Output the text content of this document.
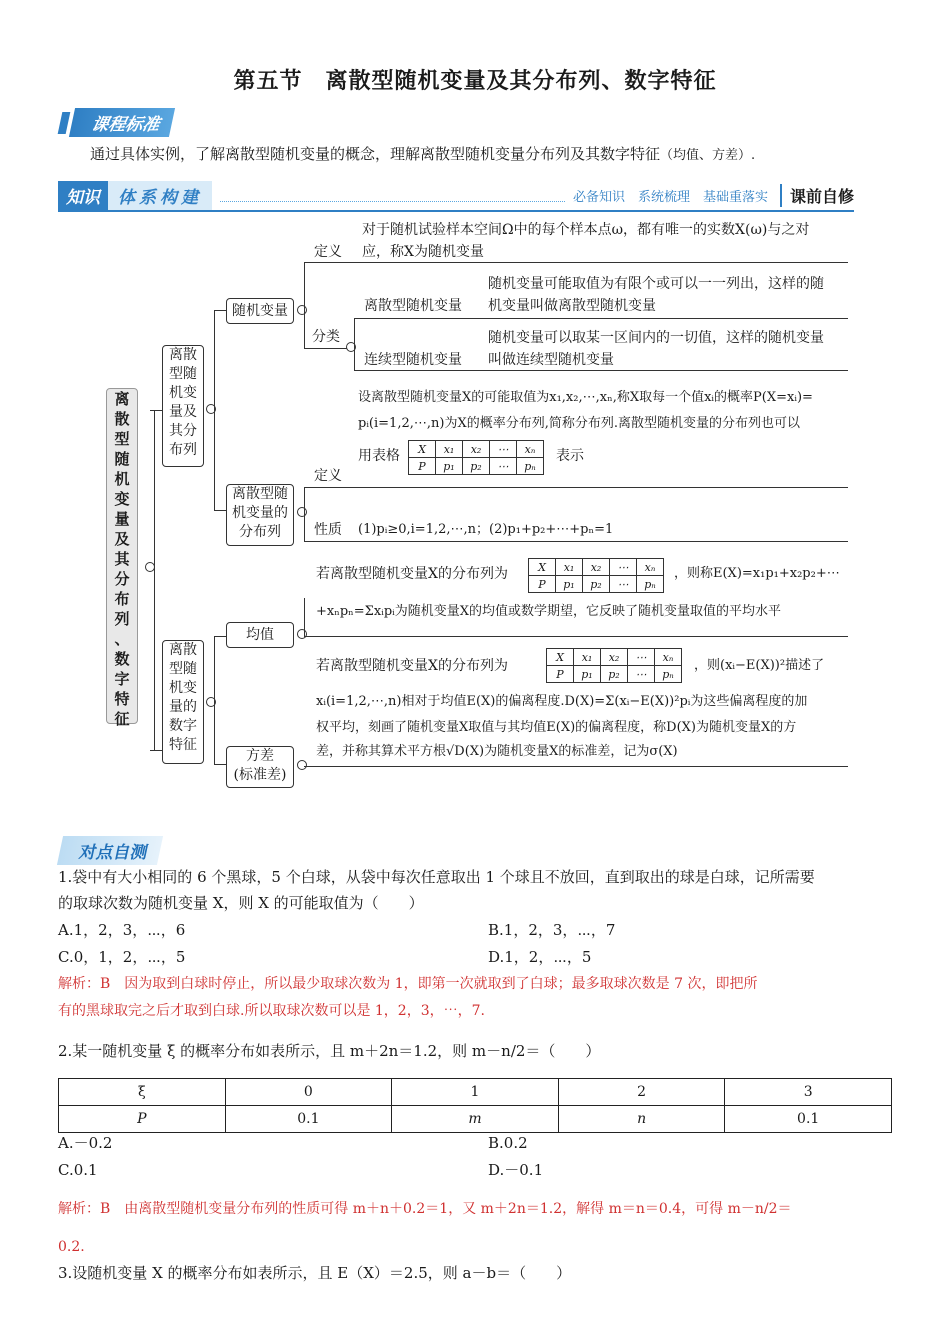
第五节　离散型随机变量及其分布列、数字特征
课程标准
通过具体实例，了解离散型随机变量的概念，理解离散型随机变量分布列及其数字特征（均值、方差）.
知识	体系构建	必备知识　系统梳理　基础重落实	课前自修
离
散
型
随
机
变
量
及
其
分
布
列
、
数
字
特
征
离散
型随
机变
量及
其分
布列
离散
型随
机变
量的
数字
特征
随机变量
定义
对于随机试验样本空间Ω中的每个样本点ω，都有唯一的实数X(ω)与之对
应，称X为随机变量
分类
离散型随机变量
随机变量可能取值为有限个或可以一一列出，这样的随
机变量叫做离散型随机变量
连续型随机变量
随机变量可以取某一区间内的一切值，这样的随机变量
叫做连续型随机变量
离散型随
机变量的
分布列
定义
设离散型随机变量X的可能取值为x₁,x₂,⋯,xₙ,称X取每一个值xᵢ的概率P(X=xᵢ)=
pᵢ(i=1,2,⋯,n)为X的概率分布列,简称分布列.离散型随机变量的分布列也可以
用表格 X	x₁	x₂	⋯	xₙ
P	p₁	p₂	⋯	pₙ
表示
性质 (1)pᵢ≥0,i=1,2,⋯,n；(2)p₁+p₂+⋯+pₙ=1
均值
若离散型随机变量X的分布列为	X	x₁	x₂	⋯	xₙ
P	p₁	p₂	⋯	pₙ
，则称E(X)=x₁p₁+x₂p₂+⋯
+xₙpₙ=Σxᵢpᵢ为随机变量X的均值或数学期望，它反映了随机变量取值的平均水平
方差
(标准差)
若离散型随机变量X的分布列为
X	x₁	x₂	⋯	xₙ
P	p₁	p₂	⋯	pₙ
，则(xᵢ−E(X))²描述了
xᵢ(i=1,2,⋯,n)相对于均值E(X)的偏离程度.D(X)=Σ(xᵢ−E(X))²pᵢ为这些偏离程度的加
权平均，刻画了随机变量X取值与其均值E(X)的偏离程度，称D(X)为随机变量X的方
差，并称其算术平方根√D(X)为随机变量X的标准差，记为σ(X)
对点自测
1.袋中有大小相同的 6 个黑球，5 个白球，从袋中每次任意取出 1 个球且不放回，直到取出的球是白球，记所需要
的取球次数为随机变量 X，则 X 的可能取值为（　　）
A.1，2，3，⋯，6	B.1，2，3，⋯，7
C.0，1，2，⋯，5	D.1，2，⋯，5
解析：B　因为取到白球时停止，所以最少取球次数为 1，即第一次就取到了白球；最多取球次数是 7 次，即把所
有的黑球取完之后才取到白球.所以取球次数可以是 1，2，3，⋯，7.
2.某一随机变量 ξ 的概率分布如表所示，且 m＋2n＝1.2，则 m－n/2＝（　　）
ξ	0	1	2	3
P	0.1	m	n	0.1
A.－0.2	B.0.2
C.0.1	D.－0.1
解析：B　由离散型随机变量分布列的性质可得 m＋n＋0.2＝1，又 m＋2n＝1.2，解得 m＝n＝0.4，可得 m－n/2＝
0.2.
3.设随机变量 X 的概率分布如表所示，且 E（X）＝2.5，则 a－b＝（　　）
